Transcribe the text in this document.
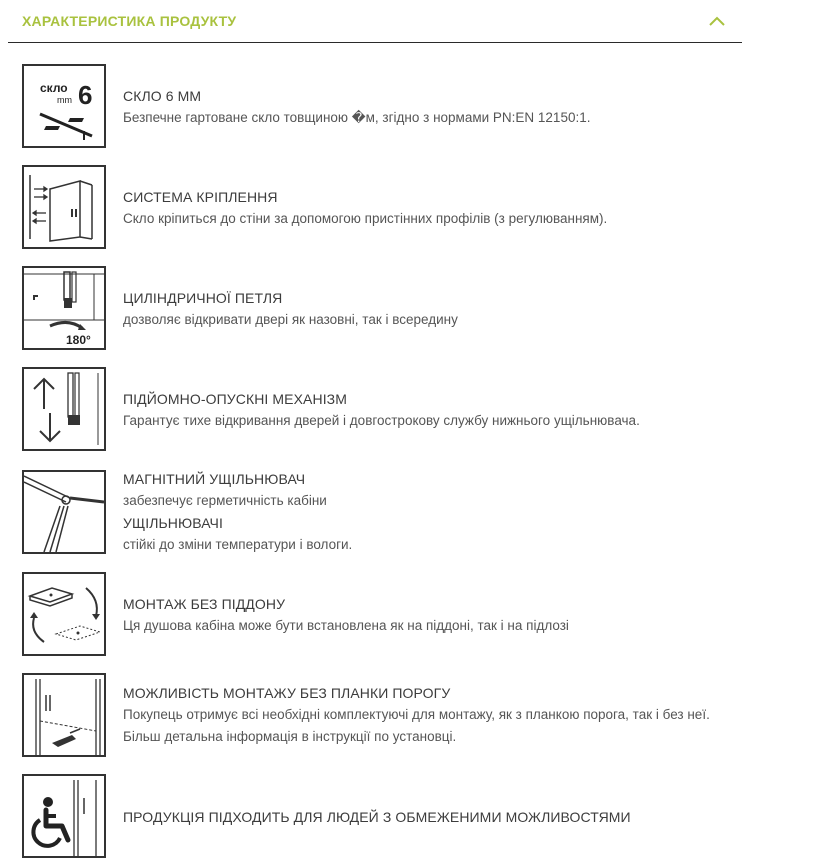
ХАРАКТЕРИСТИКА ПРОДУКТУ
скло
mm 6 СКЛО 6 ММ
Безпечне гартоване скло товщиною �м, згідно з нормами PN:EN 12150:1.
СИСТЕМА КРІПЛЕННЯ
Скло кріпиться до стіни за допомогою пристінних профілів (з регулюванням).
180°
ЦИЛІНДРИЧНОЇ ПЕТЛЯ
дозволяє відкривати двері як назовні, так і всередину
ПІДЙОМНО-ОПУСКНІ МЕХАНІЗМ
Гарантує тихе відкривання дверей і довгострокову службу нижнього ущільнювача.
МАГНІТНИЙ УЩІЛЬНЮВАЧ
забезпечує герметичність кабіни
УЩІЛЬНЮВАЧІ
стійкі до зміни температури і вологи.
МОНТАЖ БЕЗ ПІДДОНУ
Ця душова кабіна може бути встановлена як на піддоні, так і на підлозі
МОЖЛИВІСТЬ МОНТАЖУ БЕЗ ПЛАНКИ ПОРОГУ
Покупець отримує всі необхідні комплектуючі для монтажу, як з планкою порога, так і без неї. Більш детальна інформація в інструкції по установці.
ПРОДУКЦІЯ ПІДХОДИТЬ ДЛЯ ЛЮДЕЙ З ОБМЕЖЕНИМИ МОЖЛИВОСТЯМИ
